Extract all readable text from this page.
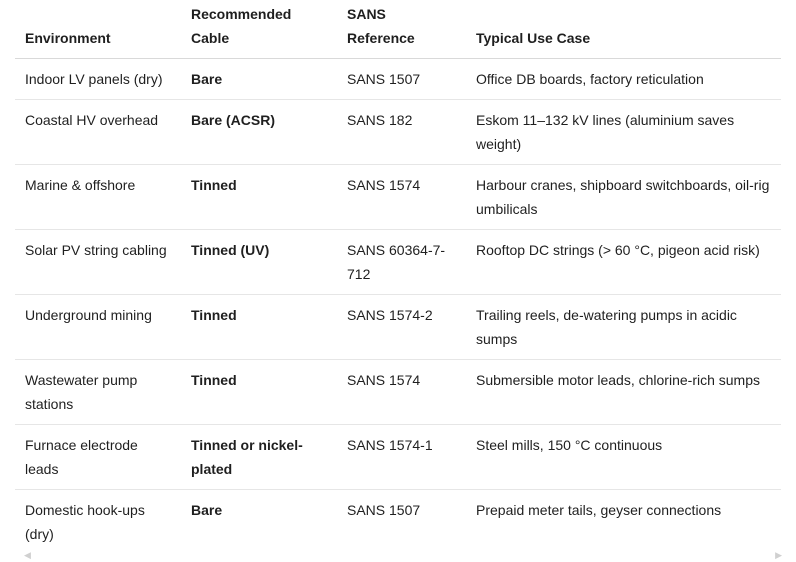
Environment	Recommended Cable	SANS Reference	Typical Use Case
Indoor LV panels (dry)	Bare	SANS 1507	Office DB boards, factory reticulation
Coastal HV overhead	Bare (ACSR)	SANS 182	Eskom 11–132 kV lines (aluminium saves weight)
Marine & offshore	Tinned	SANS 1574	Harbour cranes, shipboard switchboards, oil-rig umbilicals
Solar PV string cabling	Tinned (UV)	SANS 60364-7-712	Rooftop DC strings (> 60 °C, pigeon acid risk)
Underground mining	Tinned	SANS 1574-2	Trailing reels, de-watering pumps in acidic sumps
Wastewater pump stations	Tinned	SANS 1574	Submersible motor leads, chlorine-rich sumps
Furnace electrode leads	Tinned or nickel-plated	SANS 1574-1	Steel mills, 150 °C continuous
Domestic hook-ups (dry)	Bare	SANS 1507	Prepaid meter tails, geyser connections
◀	▶
